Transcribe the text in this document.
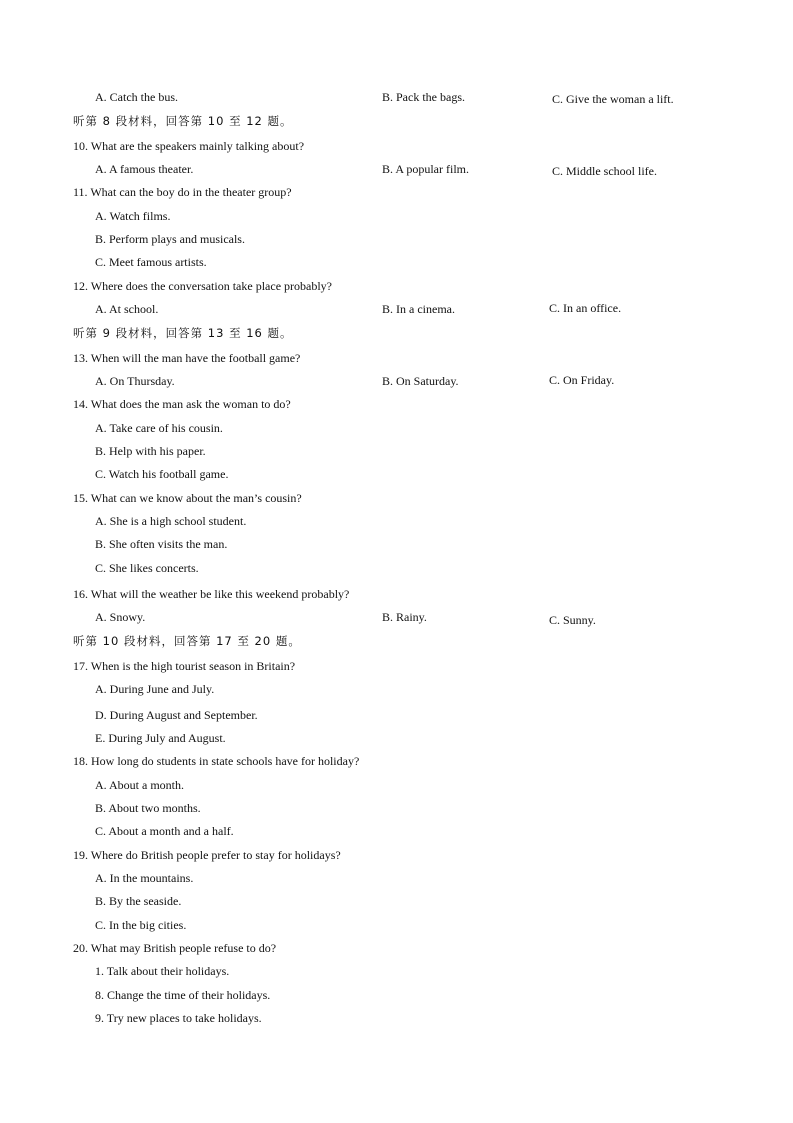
A. Catch the bus.	B. Pack the bags.	C. Give the woman a lift.
听第 8 段材料，回答第 10 至 12 题。
10. What are the speakers mainly talking about?
A. A famous theater.	B. A popular film.	C. Middle school life.
11. What can the boy do in the theater group?
A. Watch films.
B. Perform plays and musicals.
C. Meet famous artists.
12. Where does the conversation take place probably?
A. At school.	B. In a cinema.	C. In an office.
听第 9 段材料，回答第 13 至 16 题。
13. When will the man have the football game?
A. On Thursday.	B. On Saturday.	C. On Friday.
14. What does the man ask the woman to do?
A. Take care of his cousin.
B. Help with his paper.
C. Watch his football game.
15. What can we know about the man’s cousin?
A. She is a high school student.
B. She often visits the man.
C. She likes concerts.
16. What will the weather be like this weekend probably?
A. Snowy.	B. Rainy.	C. Sunny.
听第 10 段材料，回答第 17 至 20 题。
17. When is the high tourist season in Britain?
A. During June and July.
D. During August and September.
E. During July and August.
18. How long do students in state schools have for holiday?
A. About a month.
B. About two months.
C. About a month and a half.
19. Where do British people prefer to stay for holidays?
A. In the mountains.
B. By the seaside.
C. In the big cities.
20. What may British people refuse to do?
1. Talk about their holidays.
8. Change the time of their holidays.
9. Try new places to take holidays.
